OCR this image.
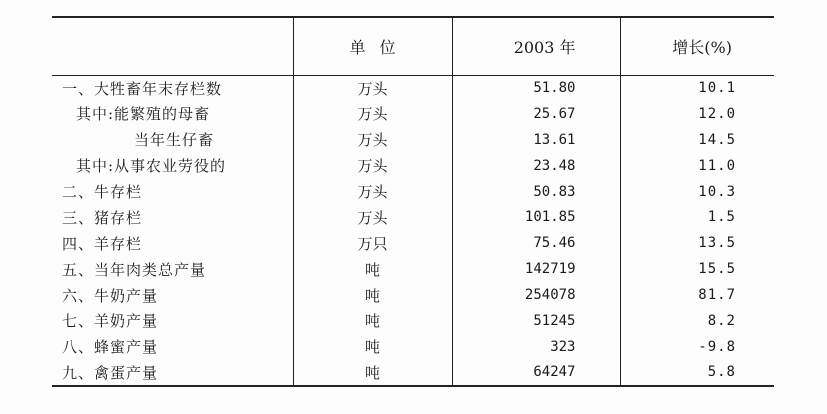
	单位	2003 年	增长(%)
一、大牲畜年末存栏数	万头	51.80	10.1
其中:能繁殖的母畜	万头	25.67	12.0
当年生仔畜	万头	13.61	14.5
其中:从事农业劳役的	万头	23.48	11.0
二、牛存栏	万头	50.83	10.3
三、猪存栏	万头	101.85	1.5
四、羊存栏	万只	75.46	13.5
五、当年肉类总产量	吨	142719	15.5
六、牛奶产量	吨	254078	81.7
七、羊奶产量	吨	51245	8.2
八、蜂蜜产量	吨	323	-9.8
九、禽蛋产量	吨	64247	5.8
